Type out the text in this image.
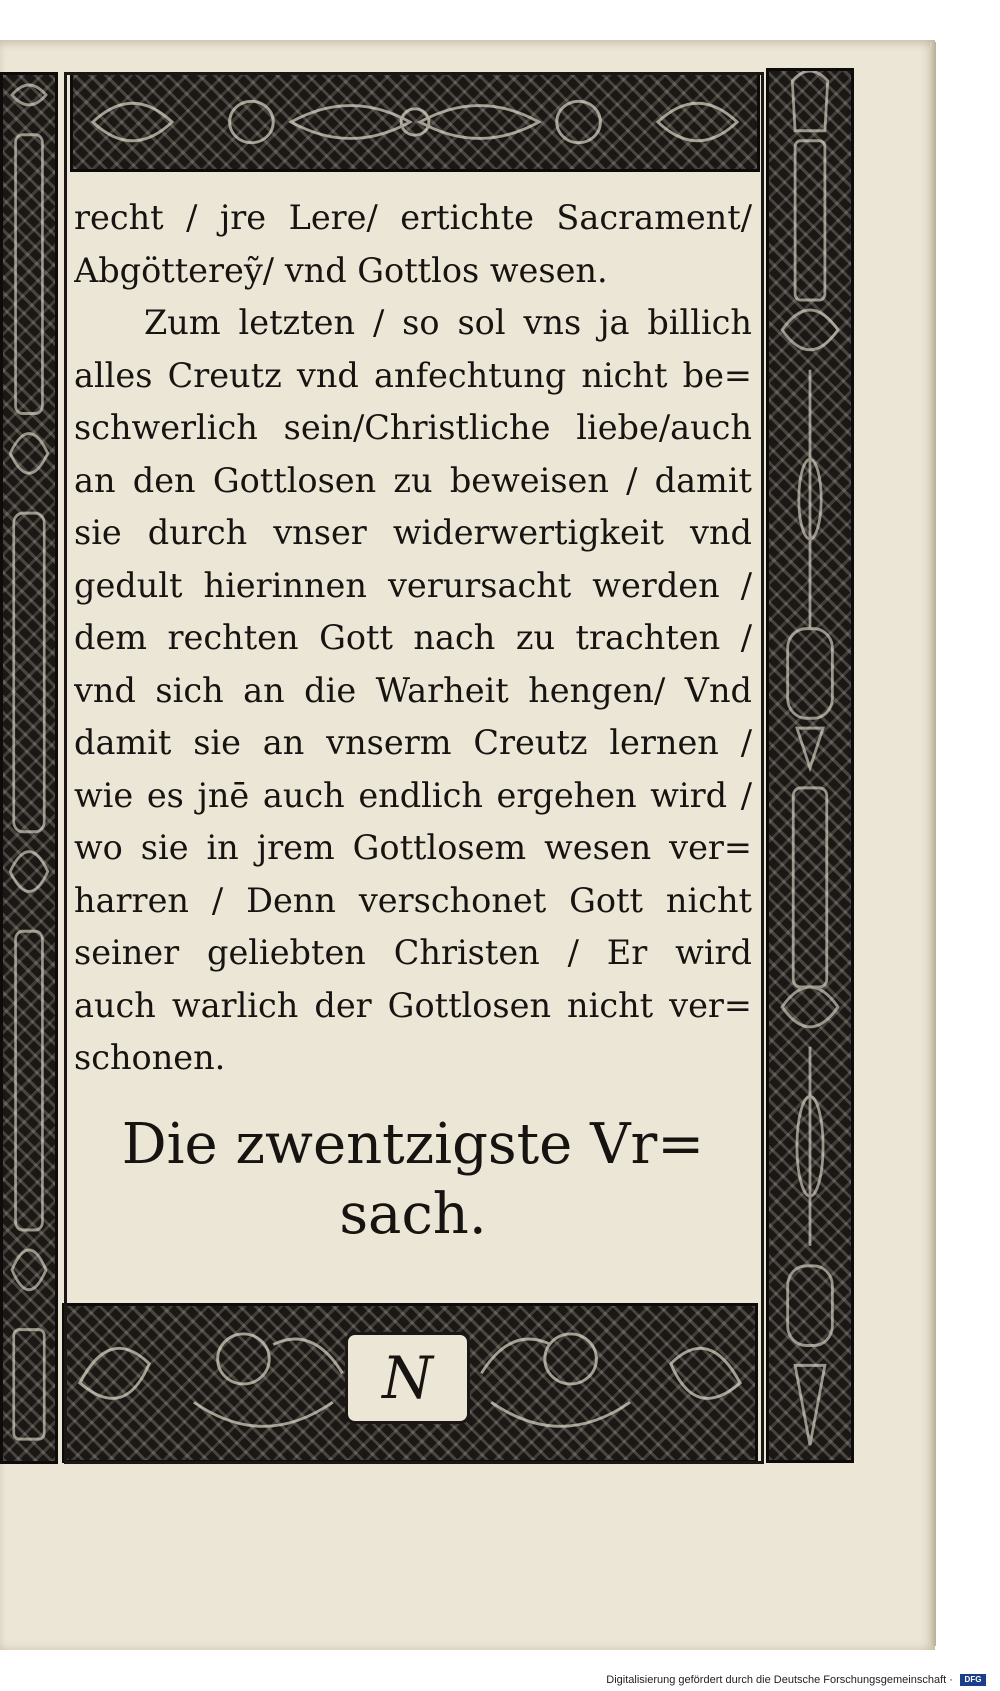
N
recht / jre Lere/ ertichte Sacrament/
Abgöttereỹ/ vnd Gottlos wesen.
Zum letzten / so sol vns ja billich
alles Creutz vnd anfechtung nicht be=
schwerlich sein/Christliche liebe/auch
an den Gottlosen zu beweisen / damit
sie durch vnser widerwertigkeit vnd
gedult hierinnen verursacht werden /
dem rechten Gott nach zu trachten /
vnd sich an die Warheit hengen/ Vnd
damit sie an vnserm Creutz lernen /
wie es jnē auch endlich ergehen wird /
wo sie in jrem Gottlosem wesen ver=
harren / Denn verschonet Gott nicht
seiner geliebten Christen / Er wird
auch warlich der Gottlosen nicht ver=
schonen.
Die zwentzigste Vr=
sach.
Digitalisierung gefördert durch die Deutsche Forschungsgemeinschaft · DFG
